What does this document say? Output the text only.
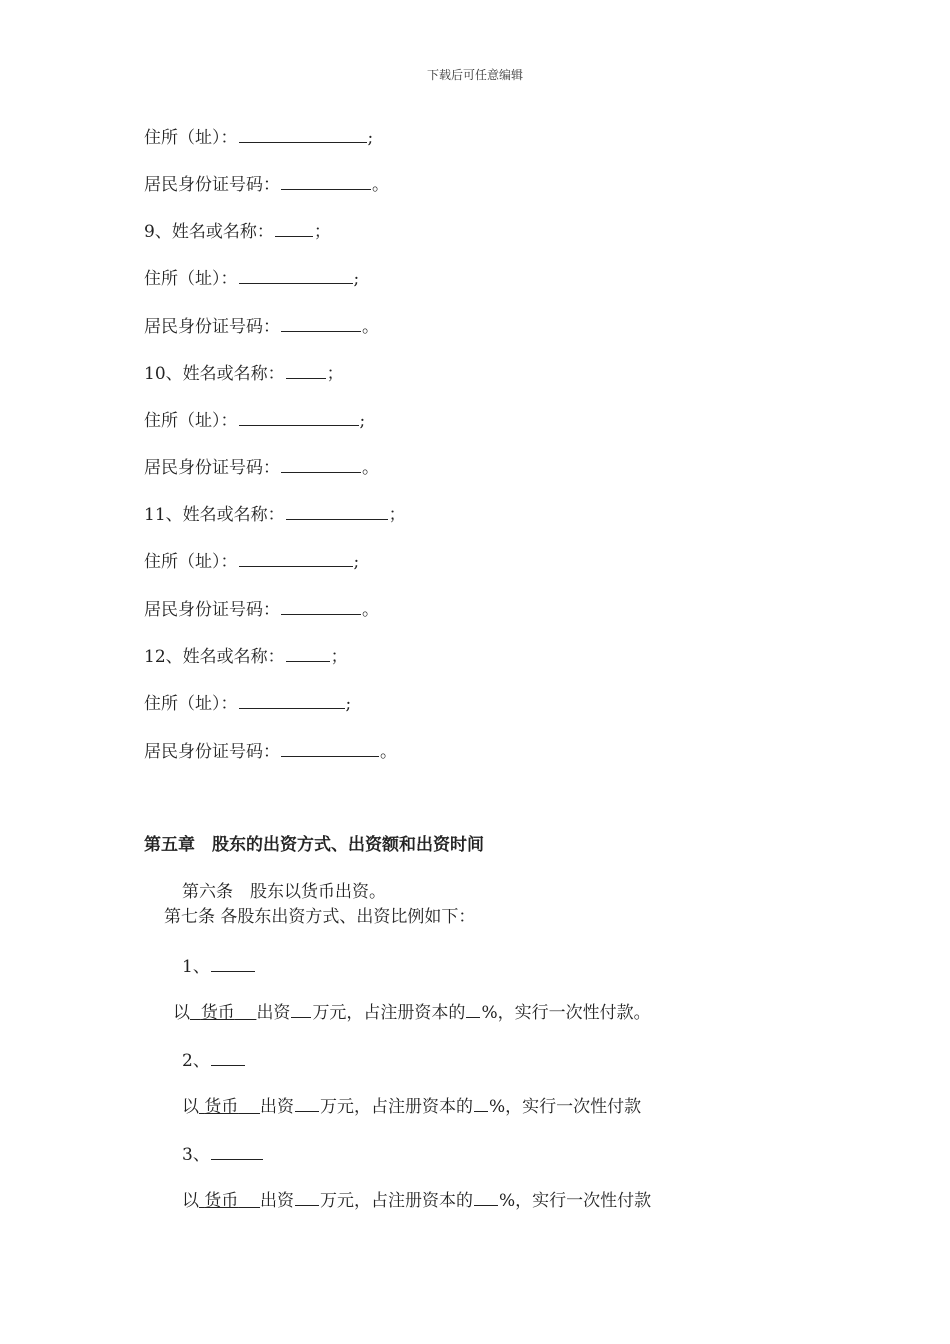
下载后可任意编辑
住所（址）：	;
居民身份证号码：	。
9、姓名或名称： ；
住所（址）：	;
居民身份证号码：	。
10、姓名或名称： ；
住所（址）：	;
居民身份证号码：	。
11、姓名或名称：	；
住所（址）：	;
居民身份证号码：	。
12、姓名或名称：	；
住所（址）：	;
居民身份证号码：	。
第五章　股东的出资方式、出资额和出资时间
第六条　股东以货币出资。
第七条 各股东出资方式、出资比例如下：
1、
以 货币 出资 万元，占注册资本的 %，实行一次性付款。
2、
以 货币 出资 万元，占注册资本的 %，实行一次性付款
3、
以 货币 出资 万元，占注册资本的 %，实行一次性付款
